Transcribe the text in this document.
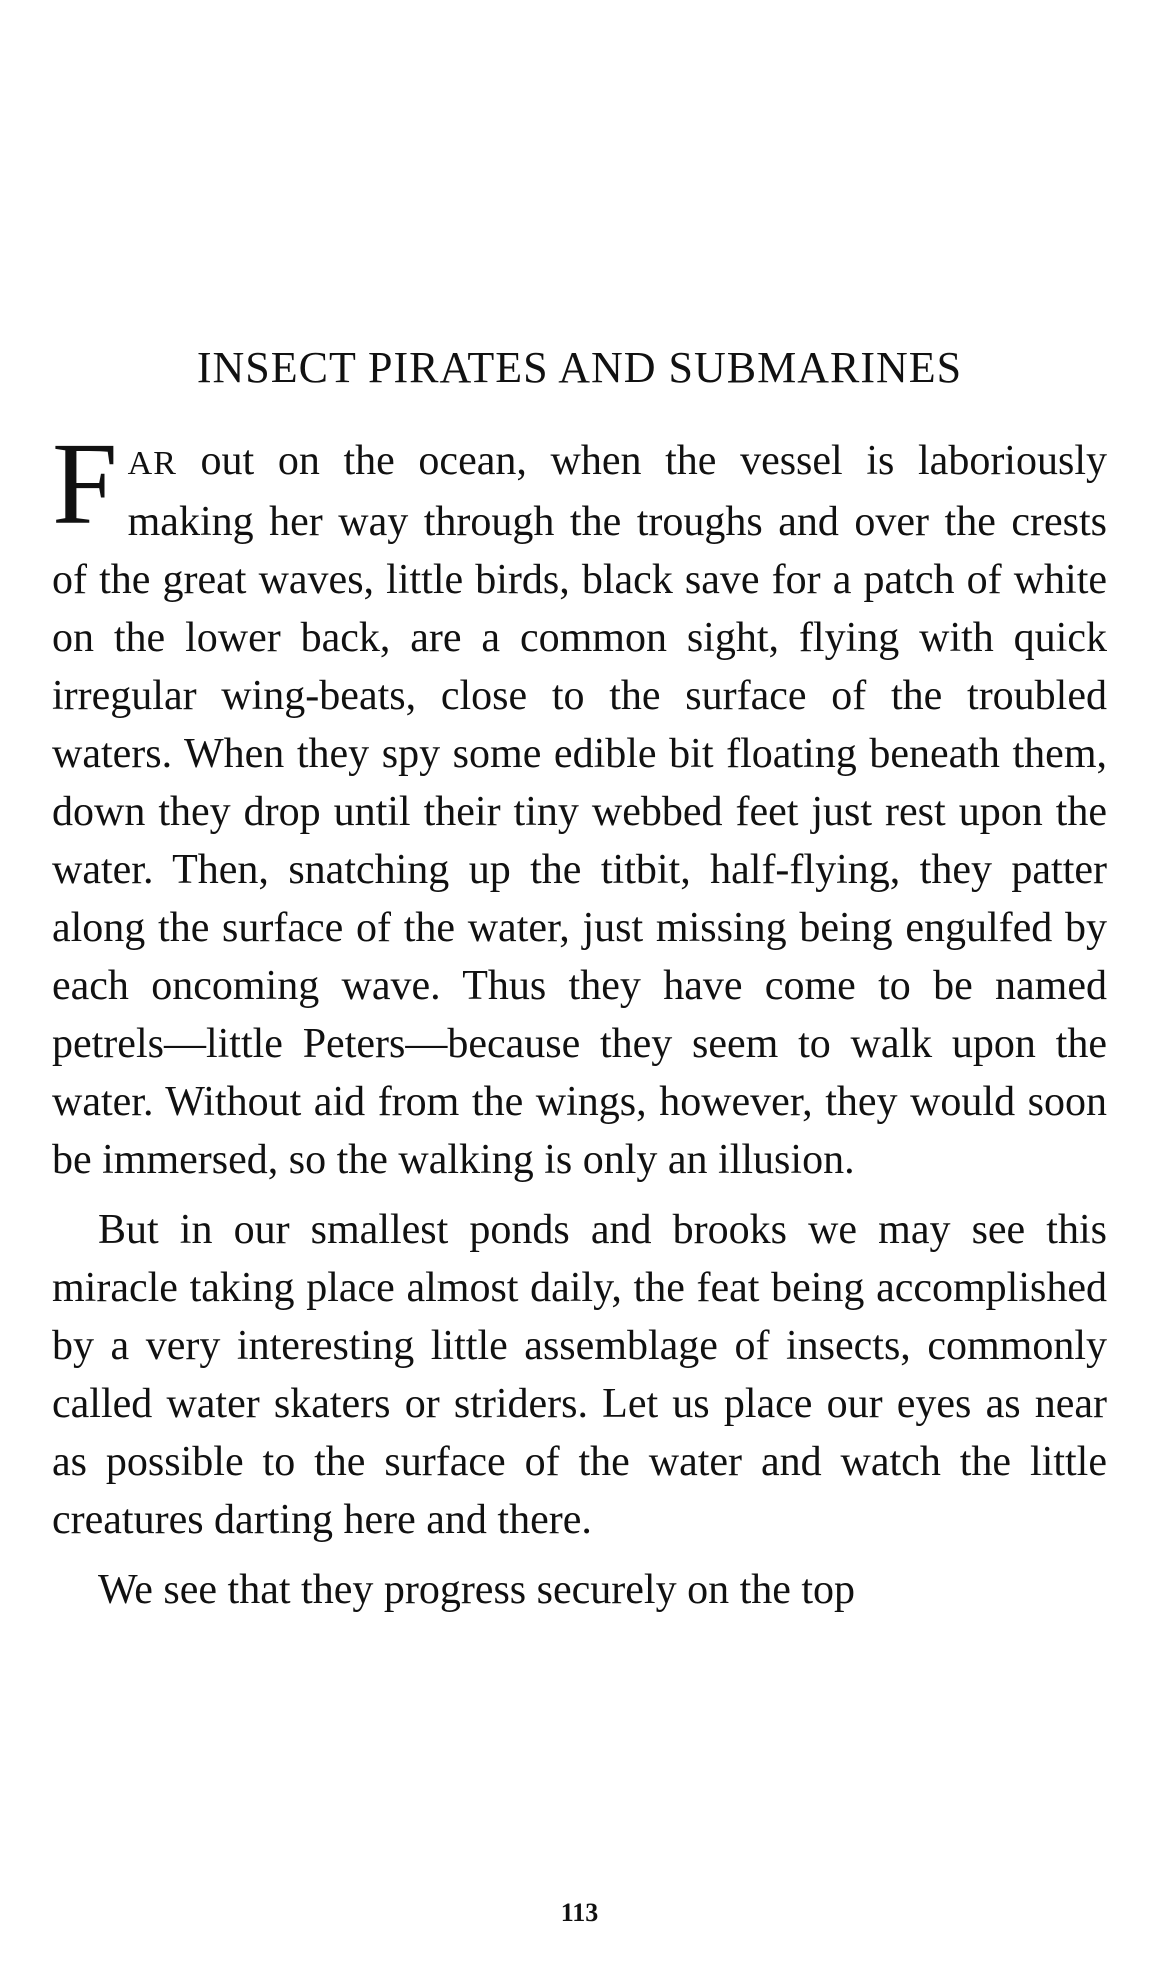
INSECT PIRATES AND SUBMARINES

FAR out on the ocean, when the vessel is laboriously making her way through the troughs and over the crests of the great waves, little birds, black save for a patch of white on the lower back, are a common sight, flying with quick irregular wing-beats, close to the surface of the troubled waters. When they spy some edible bit floating beneath them, down they drop until their tiny webbed feet just rest upon the water. Then, snatching up the titbit, half-flying, they patter along the surface of the water, just missing being engulfed by each oncoming wave. Thus they have come to be named petrels—little Peters—because they seem to walk upon the water. Without aid from the wings, however, they would soon be immersed, so the walking is only an illusion.

But in our smallest ponds and brooks we may see this miracle taking place almost daily, the feat being accomplished by a very interesting little assemblage of insects, commonly called water skaters or striders. Let us place our eyes as near as possible to the surface of the water and watch the little creatures darting here and there.

We see that they progress securely on the top

113
